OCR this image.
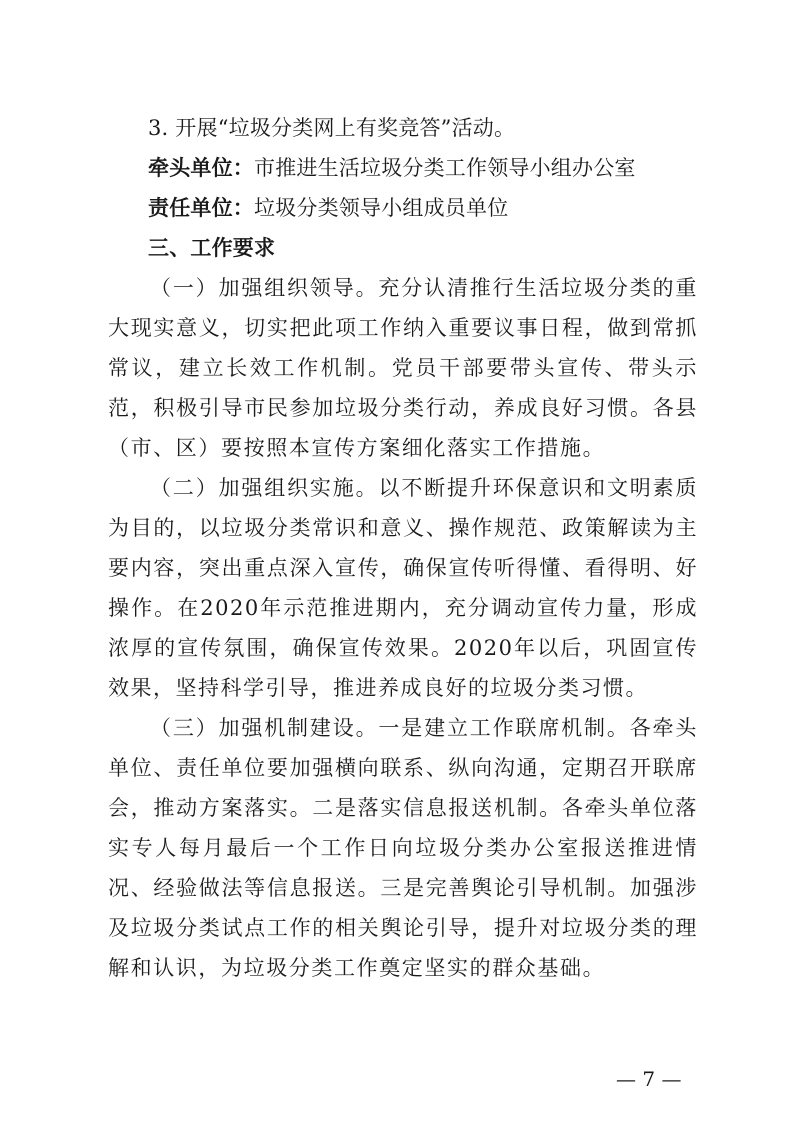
3. 开展“垃圾分类网上有奖竞答”活动。
牵头单位：市推进生活垃圾分类工作领导小组办公室
责任单位：垃圾分类领导小组成员单位
三、工作要求

（一）加强组织领导。充分认清推行生活垃圾分类的重大现实意义，切实把此项工作纳入重要议事日程，做到常抓常议，建立长效工作机制。党员干部要带头宣传、带头示范，积极引导市民参加垃圾分类行动，养成良好习惯。各县（市、区）要按照本宣传方案细化落实工作措施。

（二）加强组织实施。以不断提升环保意识和文明素质为目的，以垃圾分类常识和意义、操作规范、政策解读为主要内容，突出重点深入宣传，确保宣传听得懂、看得明、好操作。在2020年示范推进期内，充分调动宣传力量，形成浓厚的宣传氛围，确保宣传效果。2020年以后，巩固宣传效果，坚持科学引导，推进养成良好的垃圾分类习惯。

（三）加强机制建设。一是建立工作联席机制。各牵头单位、责任单位要加强横向联系、纵向沟通，定期召开联席会，推动方案落实。二是落实信息报送机制。各牵头单位落实专人每月最后一个工作日向垃圾分类办公室报送推进情况、经验做法等信息报送。三是完善舆论引导机制。加强涉及垃圾分类试点工作的相关舆论引导，提升对垃圾分类的理解和认识，为垃圾分类工作奠定坚实的群众基础。

— 7 —
